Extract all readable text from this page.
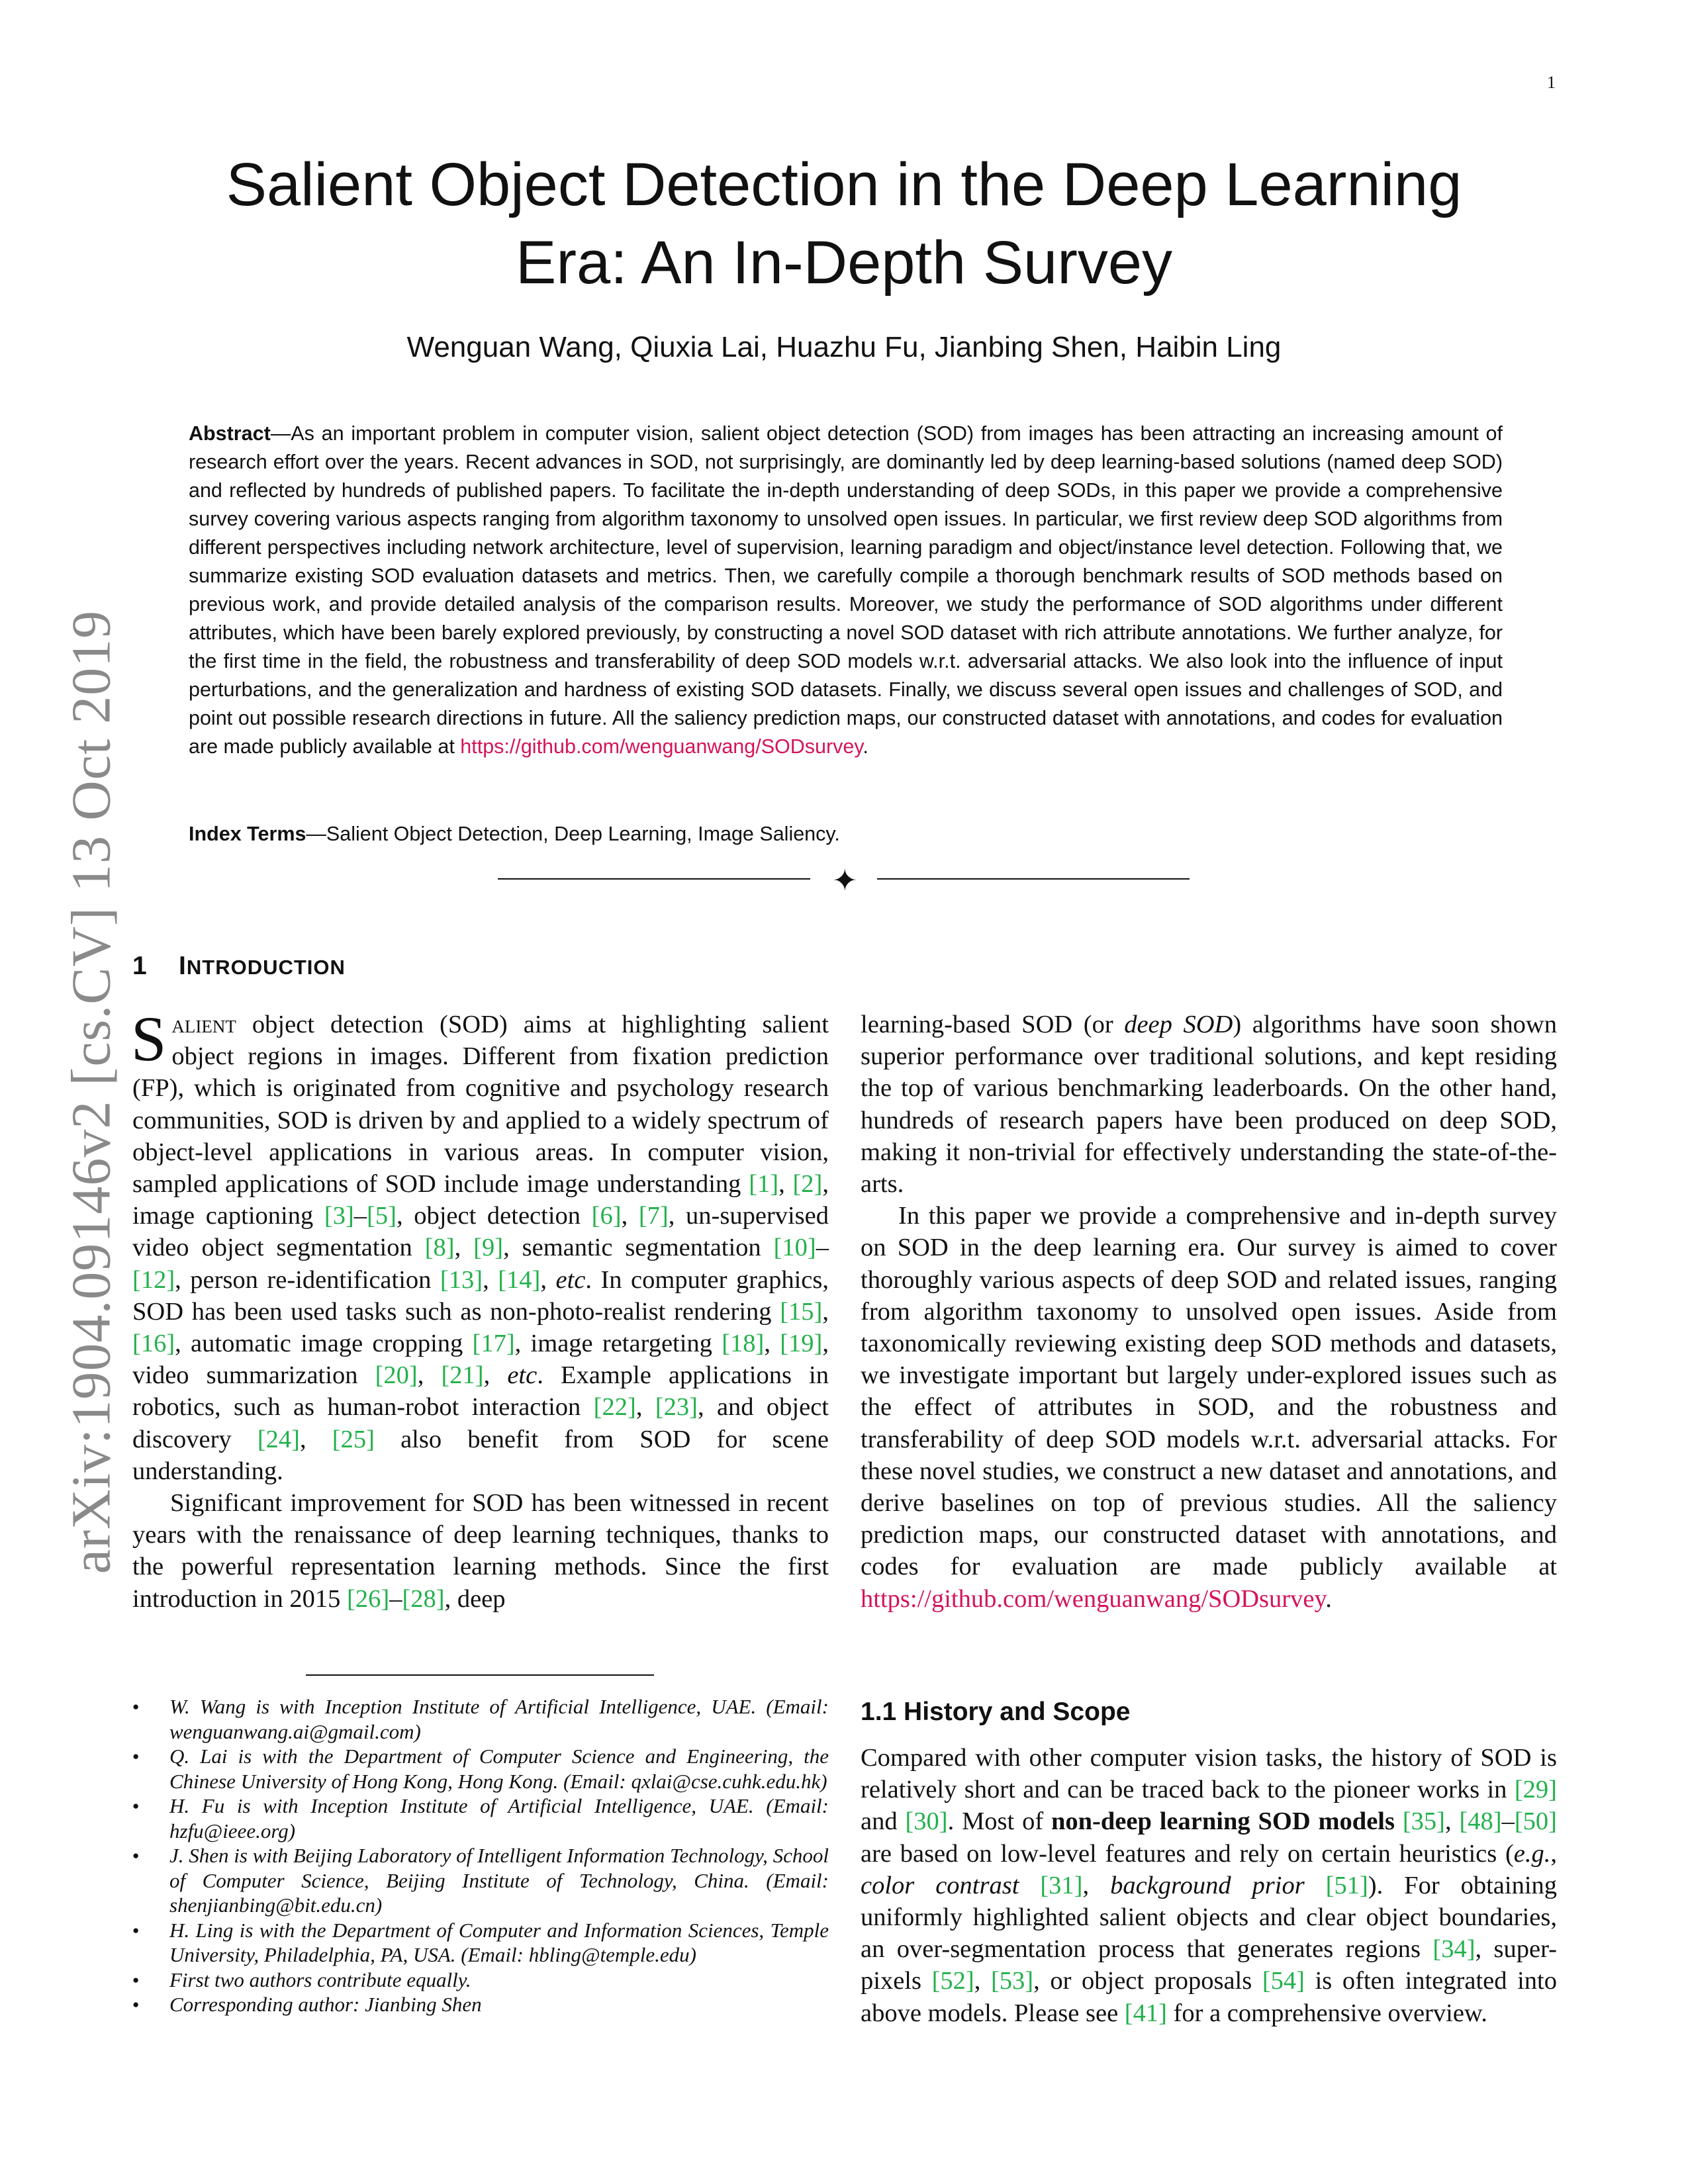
1
arXiv:1904.09146v2 [cs.CV] 13 Oct 2019
Salient Object Detection in the Deep Learning
Era: An In-Depth Survey
Wenguan Wang, Qiuxia Lai, Huazhu Fu, Jianbing Shen, Haibin Ling
Abstract—As an important problem in computer vision, salient object detection (SOD) from images has been attracting an increasing amount of research effort over the years. Recent advances in SOD, not surprisingly, are dominantly led by deep learning-based solutions (named deep SOD) and reflected by hundreds of published papers. To facilitate the in-depth understanding of deep SODs, in this paper we provide a comprehensive survey covering various aspects ranging from algorithm taxonomy to unsolved open issues. In particular, we first review deep SOD algorithms from different perspectives including network architecture, level of supervision, learning paradigm and object/instance level detection. Following that, we summarize existing SOD evaluation datasets and metrics. Then, we carefully compile a thorough benchmark results of SOD methods based on previous work, and provide detailed analysis of the comparison results. Moreover, we study the performance of SOD algorithms under different attributes, which have been barely explored previously, by constructing a novel SOD dataset with rich attribute annotations. We further analyze, for the first time in the field, the robustness and transferability of deep SOD models w.r.t. adversarial attacks. We also look into the influence of input perturbations, and the generalization and hardness of existing SOD datasets. Finally, we discuss several open issues and challenges of SOD, and point out possible research directions in future. All the saliency prediction maps, our constructed dataset with annotations, and codes for evaluation are made publicly available at https://github.com/wenguanwang/SODsurvey.
Index Terms—Salient Object Detection, Deep Learning, Image Saliency.
✦
1 INTRODUCTION

Salient object detection (SOD) aims at highlighting salient object regions in images. Different from fixation prediction (FP), which is originated from cognitive and psychology research communities, SOD is driven by and applied to a widely spectrum of object-level applications in various areas. In computer vision, sampled applications of SOD include image understanding [1], [2], image captioning [3]–[5], object detection [6], [7], un-supervised video object segmentation [8], [9], semantic segmentation [10]–[12], person re-identification [13], [14], etc. In computer graphics, SOD has been used tasks such as non-photo-realist rendering [15], [16], automatic image cropping [17], image retargeting [18], [19], video summarization [20], [21], etc. Example applications in robotics, such as human-robot interaction [22], [23], and object discovery [24], [25] also benefit from SOD for scene understanding.

Significant improvement for SOD has been witnessed in recent years with the renaissance of deep learning techniques, thanks to the powerful representation learning methods. Since the first introduction in 2015 [26]–[28], deep

● W. Wang is with Inception Institute of Artificial Intelligence, UAE. (Email: wenguanwang.ai@gmail.com)
● Q. Lai is with the Department of Computer Science and Engineering, the Chinese University of Hong Kong, Hong Kong. (Email: qxlai@cse.cuhk.edu.hk)
● H. Fu is with Inception Institute of Artificial Intelligence, UAE. (Email: hzfu@ieee.org)
● J. Shen is with Beijing Laboratory of Intelligent Information Technology, School of Computer Science, Beijing Institute of Technology, China. (Email: shenjianbing@bit.edu.cn)
● H. Ling is with the Department of Computer and Information Sciences, Temple University, Philadelphia, PA, USA. (Email: hbling@temple.edu)
● First two authors contribute equally.
● Corresponding author: Jianbing Shen

learning-based SOD (or deep SOD) algorithms have soon shown superior performance over traditional solutions, and kept residing the top of various benchmarking leaderboards. On the other hand, hundreds of research papers have been produced on deep SOD, making it non-trivial for effectively understanding the state-of-the-arts.

In this paper we provide a comprehensive and in-depth survey on SOD in the deep learning era. Our survey is aimed to cover thoroughly various aspects of deep SOD and related issues, ranging from algorithm taxonomy to unsolved open issues. Aside from taxonomically reviewing existing deep SOD methods and datasets, we investigate important but largely under-explored issues such as the effect of attributes in SOD, and the robustness and transferability of deep SOD models w.r.t. adversarial attacks. For these novel studies, we construct a new dataset and annotations, and derive baselines on top of previous studies. All the saliency prediction maps, our constructed dataset with annotations, and codes for evaluation are made publicly available at https://github.com/wenguanwang/SODsurvey.

1.1 History and Scope

Compared with other computer vision tasks, the history of SOD is relatively short and can be traced back to the pioneer works in [29] and [30]. Most of non-deep learning SOD models [35], [48]–[50] are based on low-level features and rely on certain heuristics (e.g., color contrast [31], background prior [51]). For obtaining uniformly highlighted salient objects and clear object boundaries, an over-segmentation process that generates regions [34], super-pixels [52], [53], or object proposals [54] is often integrated into above models. Please see [41] for a comprehensive overview.
